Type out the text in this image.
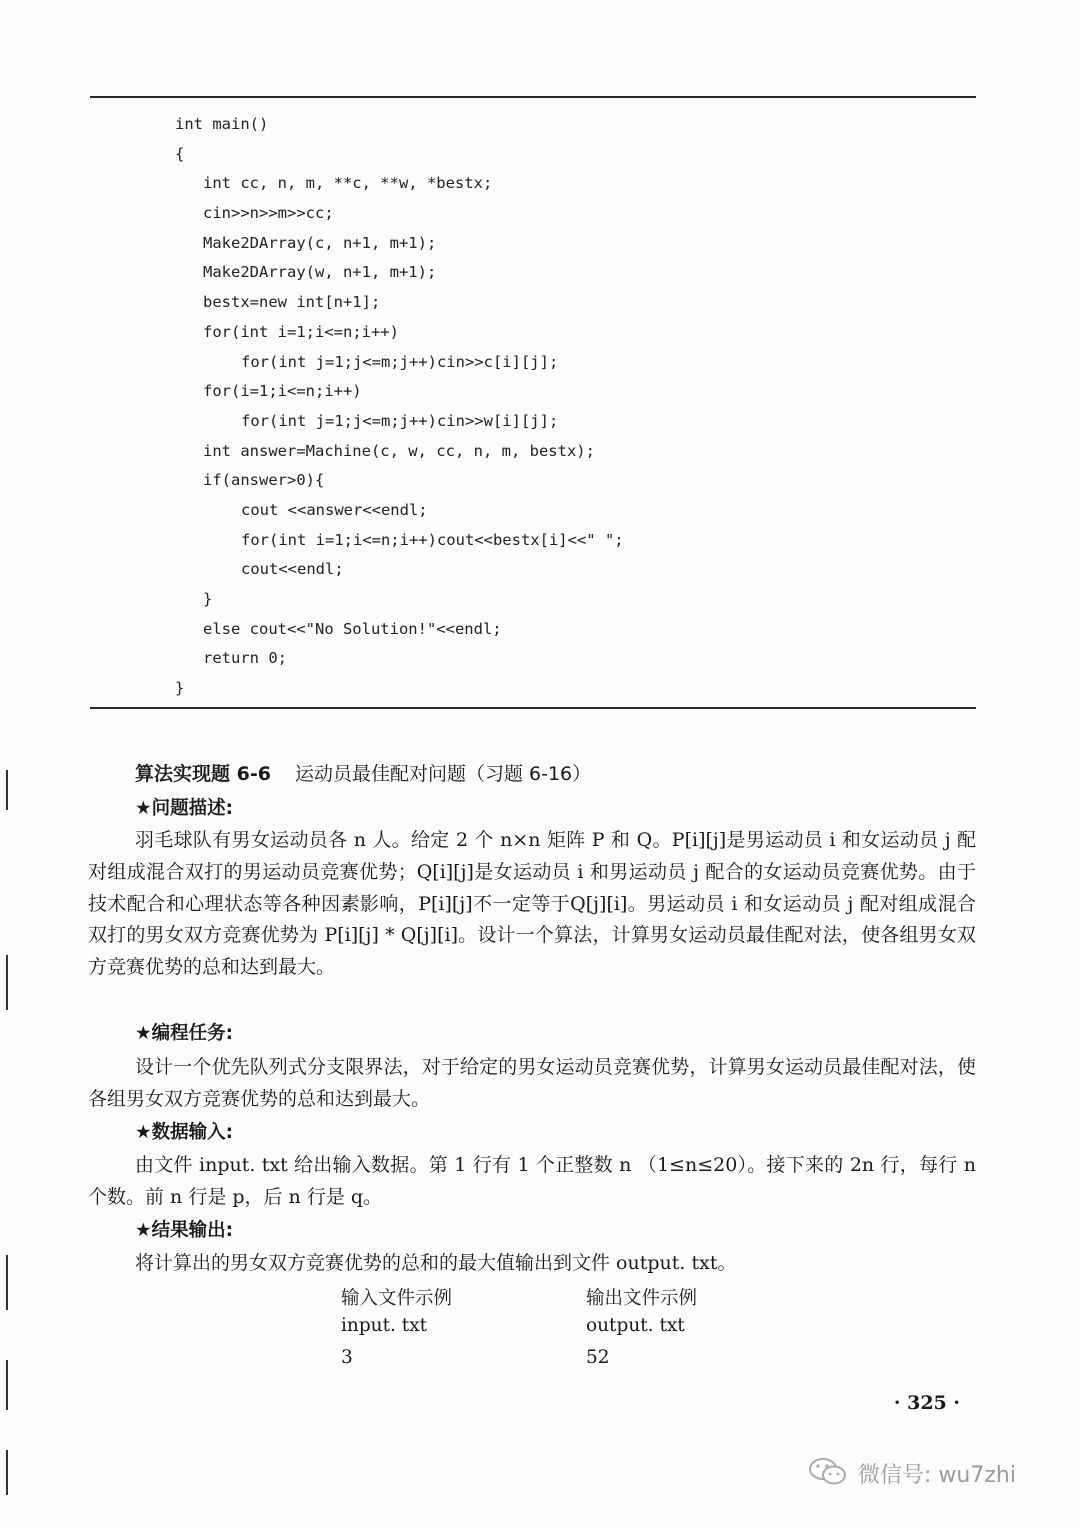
int main()
{
int cc, n, m, **c, **w, *bestx;
cin>>n>>m>>cc;
Make2DArray(c, n+1, m+1);
Make2DArray(w, n+1, m+1);
bestx=new int[n+1];
for(int i=1;i<=n;i++)
for(int j=1;j<=m;j++)cin>>c[i][j];
for(i=1;i<=n;i++)
for(int j=1;j<=m;j++)cin>>w[i][j];
int answer=Machine(c, w, cc, n, m, bestx);
if(answer>0){
cout <<answer<<endl;
for(int i=1;i<=n;i++)cout<<bestx[i]<<" ";
cout<<endl;
}
else cout<<"No Solution!"<<endl;
return 0;
}
算法实现题 6-6 运动员最佳配对问题（习题 6-16）
★问题描述:
羽毛球队有男女运动员各 n 人。给定 2 个 n×n 矩阵 P 和 Q。P[i][j]是男运动员 i 和女运动员 j 配对组成混合双打的男运动员竞赛优势；Q[i][j]是女运动员 i 和男运动员 j 配合的女运动员竞赛优势。由于技术配合和心理状态等各种因素影响，P[i][j]不一定等于Q[j][i]。男运动员 i 和女运动员 j 配对组成混合双打的男女双方竞赛优势为 P[i][j] * Q[j][i]。设计一个算法，计算男女运动员最佳配对法，使各组男女双方竞赛优势的总和达到最大。
★编程任务:
设计一个优先队列式分支限界法，对于给定的男女运动员竞赛优势，计算男女运动员最佳配对法，使各组男女双方竞赛优势的总和达到最大。
★数据输入:
由文件 input. txt 给出输入数据。第 1 行有 1 个正整数 n （1≤n≤20）。接下来的 2n 行，每行 n 个数。前 n 行是 p，后 n 行是 q。
★结果输出:
将计算出的男女双方竞赛优势的总和的最大值输出到文件 output. txt。
输入文件示例
input. txt
3
输出文件示例
output. txt
52
· 325 ·
微信号: wu7zhi
